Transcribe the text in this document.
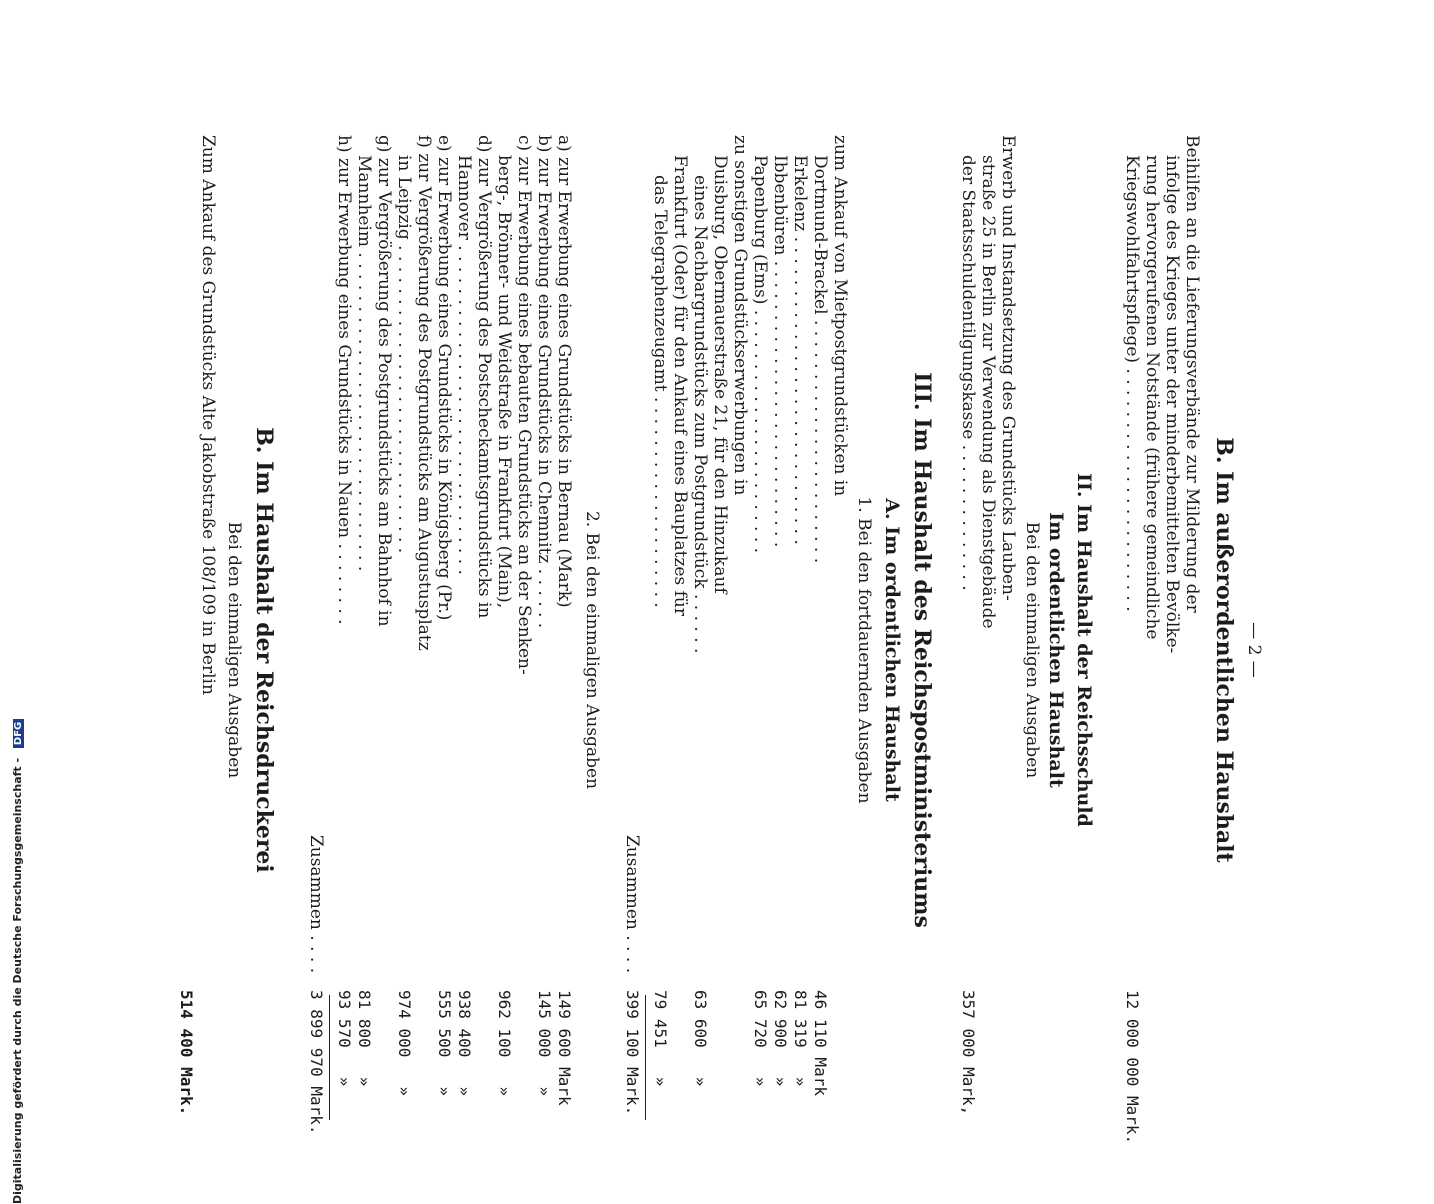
— 2 —
B. Im außerordentlichen Haushalt
Beihilfen an die Lieferungsverbände zur Milderung der
infolge des Krieges unter der minderbemittelten Bevölke-
rung hervorgerufenen Notstände (frühere gemeindliche
Kriegswohlfahrtspflege) . . . . . . . . . . . . . . . . . . . . . . .
12 000 000 Mark.
II. Im Haushalt der Reichsschuld
Im ordentlichen Haushalt
Bei den einmaligen Ausgaben
Erwerb und Instandsetzung des Grundstücks Lauben-
straße 25 in Berlin zur Verwendung als Dienstgebäude
der Staatsschuldentilgungskasse . . . . . . . . . . . . . .
357 000 Mark,
III. Im Haushalt des Reichspostministeriums
A. Im ordentlichen Haushalt
1. Bei den fortdauernden Ausgaben
zum Ankauf von Mietpostgrundstücken in
Dortmund-Brackel . . . . . . . . . . . . . . . . . . . . . . .
46 110 Mark
Erkelenz . . . . . . . . . . . . . . . . . . . . . . . . . . . . .
81 319   »
Ibbenbüren . . . . . . . . . . . . . . . . . . . . . . . . . . .
62 900   »
Papenburg (Ems) . . . . . . . . . . . . . . . . . . . . . . .
65 720   »
zu sonstigen Grundstückserwerbungen in
Duisburg, Obermauerstraße 21, für den Hinzukauf
eines Nachbargrundstücks zum Postgrundstück . . . . . .
63 600   »
Frankfurt (Oder) für den Ankauf eines Bauplatzes für
das Telegraphenzeugamt . . . . . . . . . . . . . . . . . . . .
79 451   »
Zusammen . . . .
399 100 Mark.
2. Bei den einmaligen Ausgaben
a) zur Erwerbung eines Grundstücks in Bernau (Mark)
149 600 Mark
b) zur Erwerbung eines Grundstücks in Chemnitz . . . . . .
145 000   »
c) zur Erwerbung eines bebauten Grundstücks an der Senken-
berg-, Brönner- und Weidstraße in Frankfurt (Main),
962 100   »
d) zur Vergrößerung des Postscheckamtsgrundstücks in
Hannover . . . . . . . . . . . . . . . . . . . . . . . . . . . . . . .
938 400   »
e) zur Erwerbung eines Grundstücks in Königsberg (Pr.)
555 500   »
f) zur Vergrößerung des Postgrundstücks am Augustusplatz
in Leipzig . . . . . . . . . . . . . . . . . . . . . . . . . . . . .
974 000   »
g) zur Vergrößerung des Postgrundstücks am Bahnhof in
Mannheim . . . . . . . . . . . . . . . . . . . . . . . . . . . . . .
81 800   »
h) zur Erwerbung eines Grundstücks in Nauen . . . . . . . .
93 570   »
Zusammen . . . .
3 899 970 Mark.
B. Im Haushalt der Reichsdruckerei
Bei den einmaligen Ausgaben
Zum Ankauf des Grundstücks Alte Jakobstraße 108/109 in Berlin
514 400 Mark.
Digitalisierung gefördert durch die Deutsche Forschungsgemeinschaft - DFG
